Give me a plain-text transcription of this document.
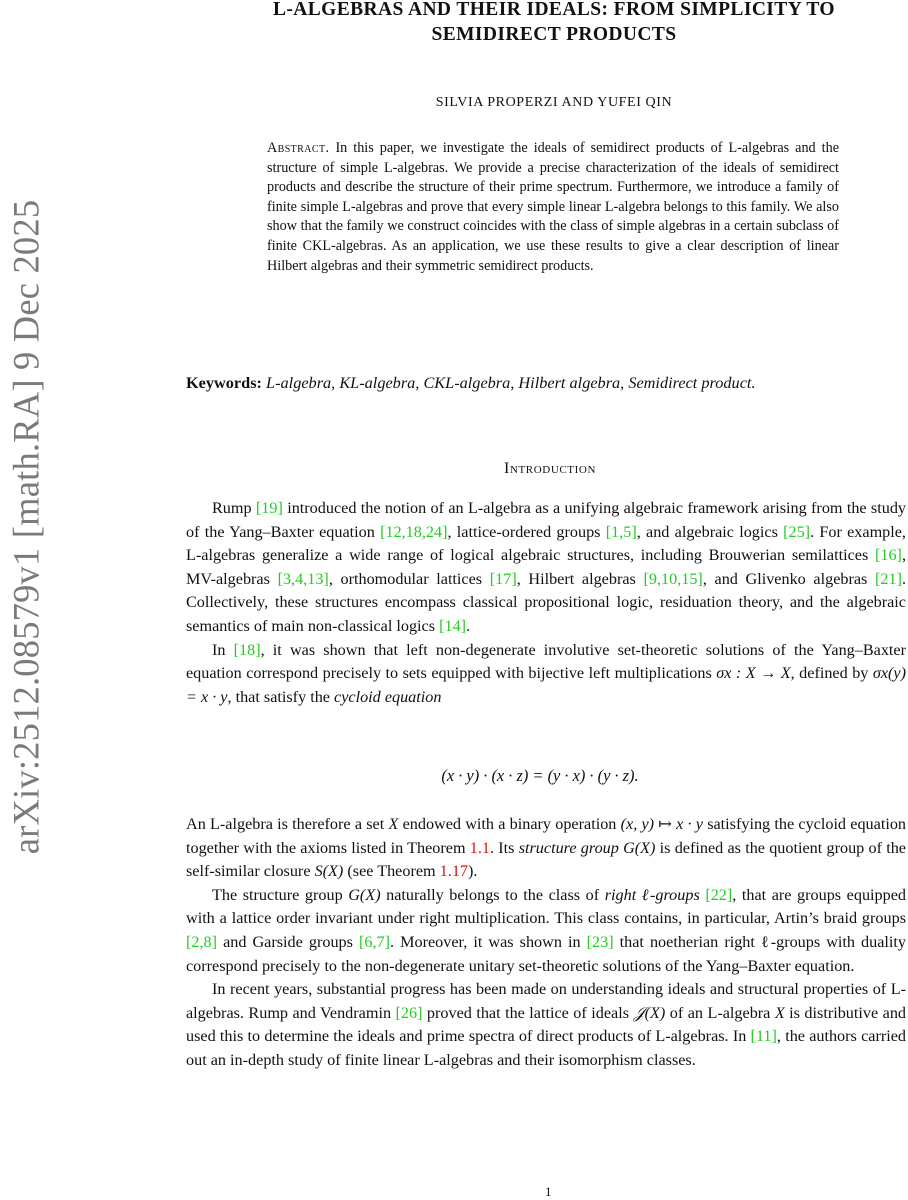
arXiv:2512.08579v1 [math.RA] 9 Dec 2025
L-ALGEBRAS AND THEIR IDEALS: FROM SIMPLICITY TO
SEMIDIRECT PRODUCTS
SILVIA PROPERZI AND YUFEI QIN
Abstract. In this paper, we investigate the ideals of semidirect products of L-algebras and the structure of simple L-algebras. We provide a precise characterization of the ideals of semidirect products and describe the structure of their prime spectrum. Furthermore, we introduce a family of finite simple L-algebras and prove that every simple linear L-algebra belongs to this family. We also show that the family we construct coincides with the class of simple algebras in a certain subclass of finite CKL-algebras. As an application, we use these results to give a clear description of linear Hilbert algebras and their symmetric semidirect products.
Keywords: L-algebra, KL-algebra, CKL-algebra, Hilbert algebra, Semidirect product.
Introduction

Rump [19] introduced the notion of an L-algebra as a unifying algebraic framework arising from the study of the Yang–Baxter equation [12,18,24], lattice-ordered groups [1,5], and algebraic logics [25]. For example, L-algebras generalize a wide range of logical algebraic structures, including Brouwerian semilattices [16], MV-algebras [3,4,13], orthomodular lattices [17], Hilbert algebras [9,10,15], and Glivenko algebras [21]. Collectively, these structures encompass classical propositional logic, residuation theory, and the algebraic semantics of main non-classical logics [14].

In [18], it was shown that left non-degenerate involutive set-theoretic solutions of the Yang–Baxter equation correspond precisely to sets equipped with bijective left multiplications σx : X → X, defined by σx(y) = x · y, that satisfy the cycloid equation

(x · y) · (x · z) = (y · x) · (y · z).

An L-algebra is therefore a set X endowed with a binary operation (x, y) ↦ x · y satisfying the cycloid equation together with the axioms listed in Theorem 1.1. Its structure group G(X) is defined as the quotient group of the self-similar closure S(X) (see Theorem 1.17).

The structure group G(X) naturally belongs to the class of right ℓ-groups [22], that are groups equipped with a lattice order invariant under right multiplication. This class contains, in particular, Artin’s braid groups [2,8] and Garside groups [6,7]. Moreover, it was shown in [23] that noetherian right ℓ-groups with duality correspond precisely to the non-degenerate unitary set-theoretic solutions of the Yang–Baxter equation.

In recent years, substantial progress has been made on understanding ideals and structural properties of L-algebras. Rump and Vendramin [26] proved that the lattice of ideals 𝒥(X) of an L-algebra X is distributive and used this to determine the ideals and prime spectra of direct products of L-algebras. In [11], the authors carried out an in-depth study of finite linear L-algebras and their isomorphism classes.

1
